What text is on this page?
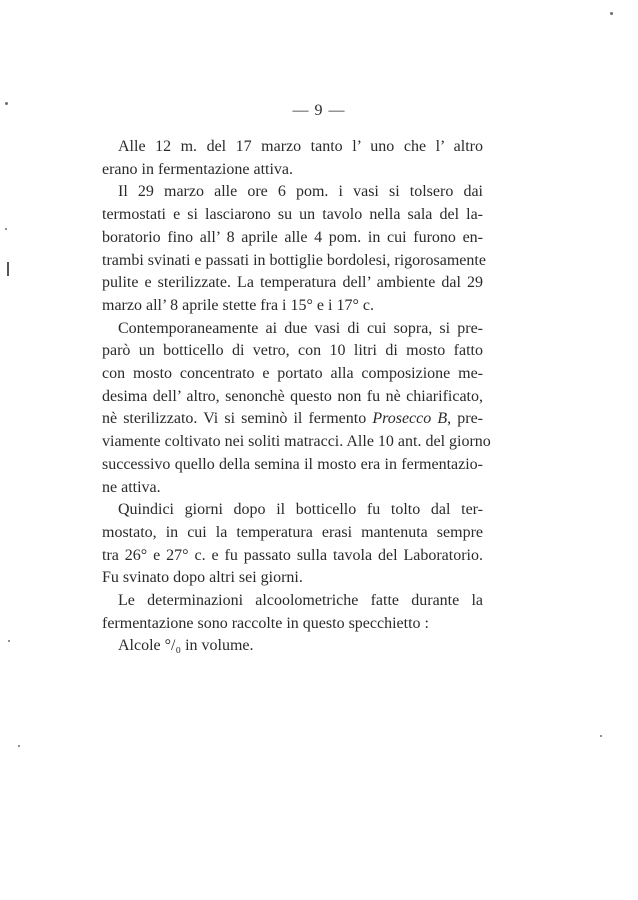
— 9 —
Alle 12 m. del 17 marzo tanto l’ uno che l’ altro
erano in fermentazione attiva.
Il 29 marzo alle ore 6 pom. i vasi si tolsero dai
termostati e si lasciarono su un tavolo nella sala del la-
boratorio fino all’ 8 aprile alle 4 pom. in cui furono en-
trambi svinati e passati in bottiglie bordolesi, rigorosamente
pulite e sterilizzate. La temperatura dell’ ambiente dal 29
marzo all’ 8 aprile stette fra i 15° e i 17° c.
Contemporaneamente ai due vasi di cui sopra, si pre-
parò un botticello di vetro, con 10 litri di mosto fatto
con mosto concentrato e portato alla composizione me-
desima dell’ altro, senonchè questo non fu nè chiarificato,
nè sterilizzato. Vi si seminò il fermento Prosecco B, pre-
viamente coltivato nei soliti matracci. Alle 10 ant. del giorno
successivo quello della semina il mosto era in fermentazio-
ne attiva.
Quindici giorni dopo il botticello fu tolto dal ter-
mostato, in cui la temperatura erasi mantenuta sempre
tra 26° e 27° c. e fu passato sulla tavola del Laboratorio.
Fu svinato dopo altri sei giorni.
Le determinazioni alcoolometriche fatte durante la
fermentazione sono raccolte in questo specchietto :
Alcole °/₀ in volume.
